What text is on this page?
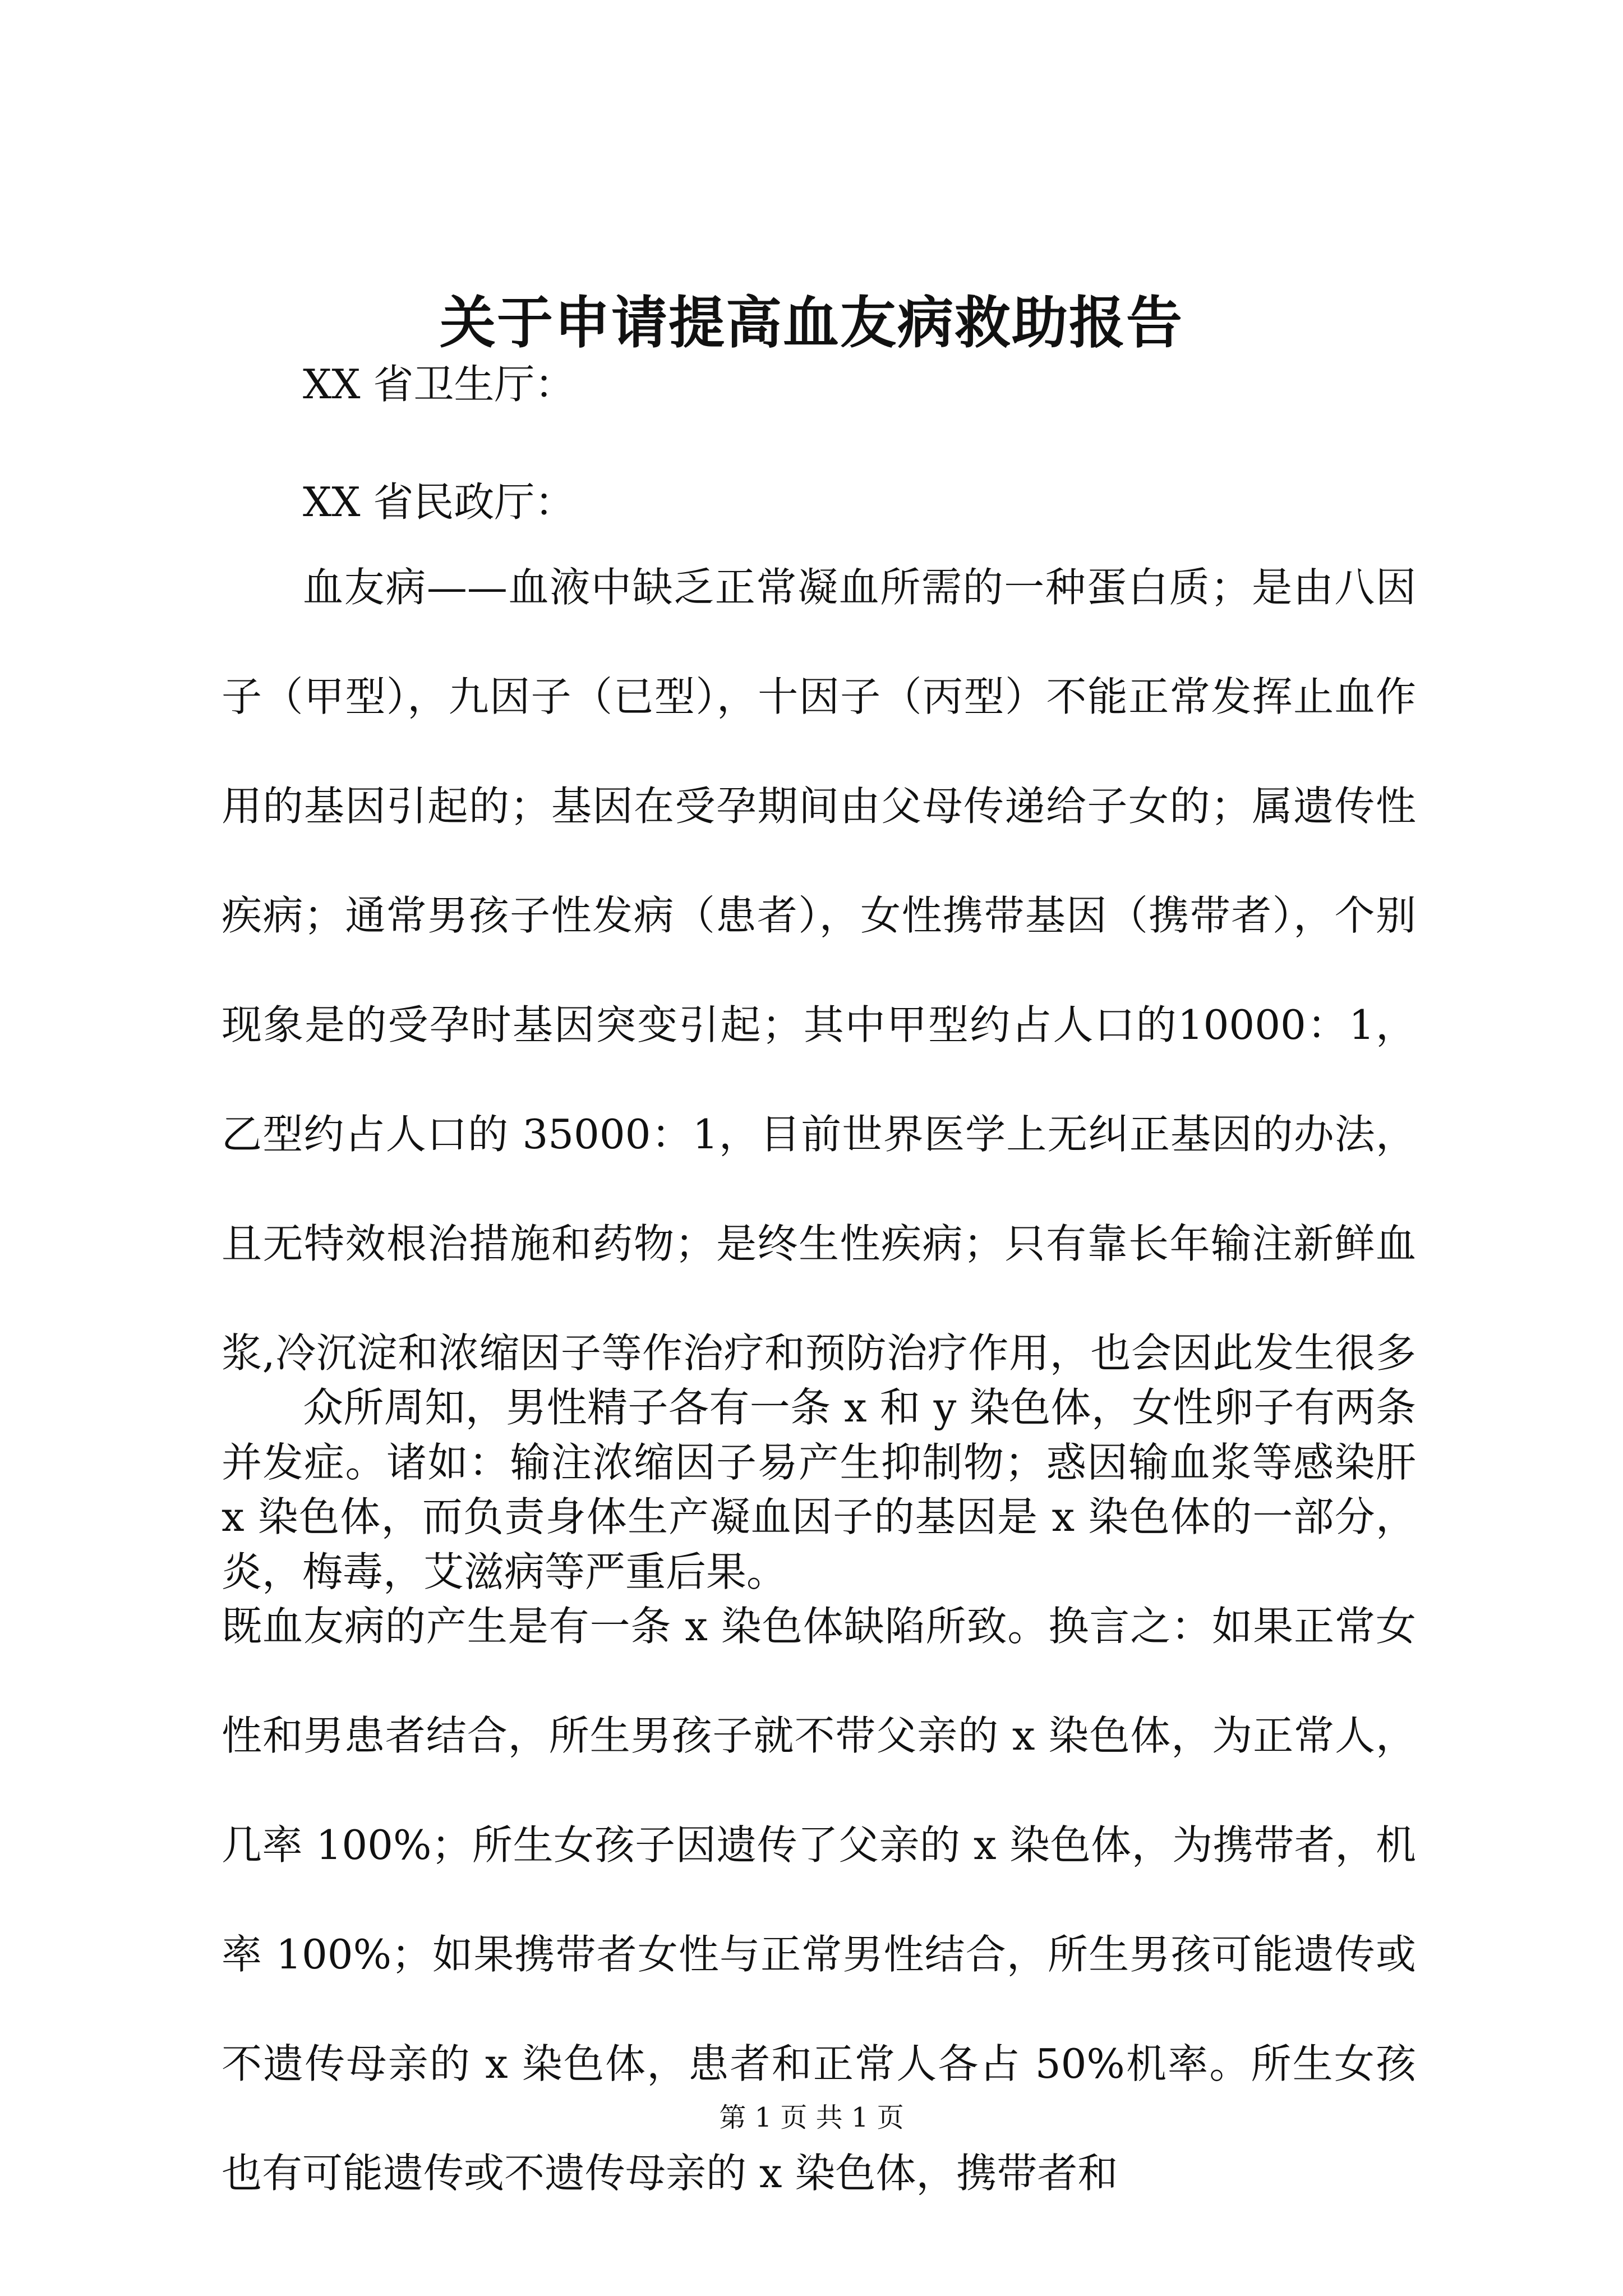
关于申请提高血友病救助报告
XX 省卫生厅：
XX 省民政厅：

血友病——血液中缺乏正常凝血所需的一种蛋白质；是由八因子（甲型），九因子（已型），十因子（丙型）不能正常发挥止血作用的基因引起的；基因在受孕期间由父母传递给子女的；属遗传性疾病；通常男孩子性发病（患者），女性携带基因（携带者），个别现象是的受孕时基因突变引起；其中甲型约占人口的10000：1，乙型约占人口的 35000：1，目前世界医学上无纠正基因的办法，且无特效根治措施和药物；是终生性疾病；只有靠长年输注新鲜血浆,冷沉淀和浓缩因子等作治疗和预防治疗作用，也会因此发生很多并发症。诸如：输注浓缩因子易产生抑制物；惑因输血浆等感染肝炎，梅毒，艾滋病等严重后果。

众所周知，男性精子各有一条 x 和 y 染色体，女性卵子有两条 x 染色体，而负责身体生产凝血因子的基因是 x 染色体的一部分，既血友病的产生是有一条 x 染色体缺陷所致。换言之：如果正常女性和男患者结合，所生男孩子就不带父亲的 x 染色体，为正常人，几率 100%；所生女孩子因遗传了父亲的 x 染色体，为携带者，机率 100%；如果携带者女性与正常男性结合，所生男孩可能遗传或不遗传母亲的 x 染色体，患者和正常人各占 50%机率。所生女孩也有可能遗传或不遗传母亲的 x 染色体，携带者和

第 1 页 共 1 页
